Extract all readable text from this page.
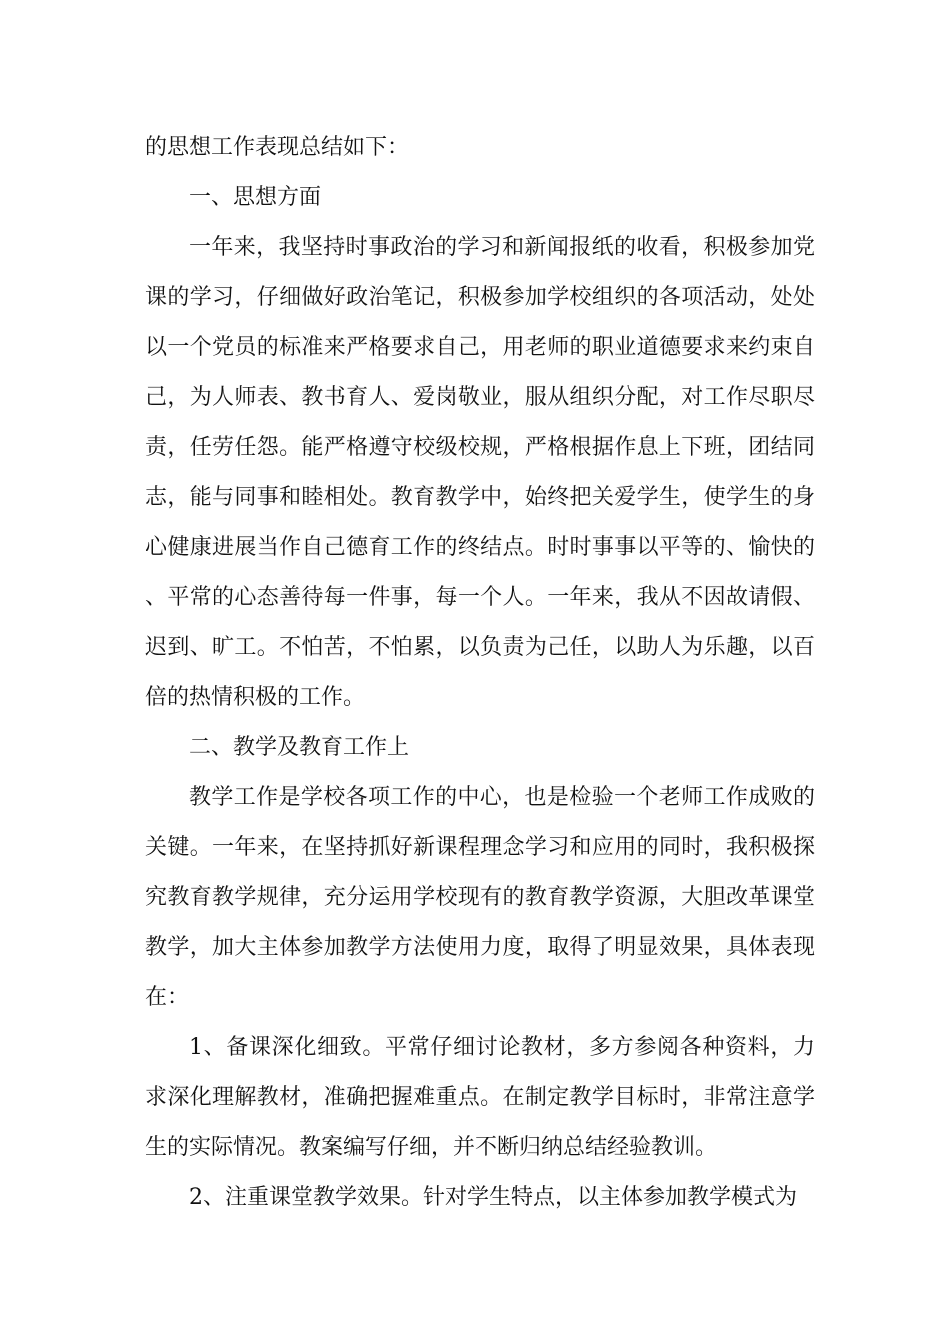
的思想工作表现总结如下：

一、思想方面

一年来，我坚持时事政治的学习和新闻报纸的收看，积极参加党课的学习，仔细做好政治笔记，积极参加学校组织的各项活动，处处以一个党员的标准来严格要求自己，用老师的职业道德要求来约束自己，为人师表、教书育人、爱岗敬业，服从组织分配，对工作尽职尽责，任劳任怨。能严格遵守校级校规，严格根据作息上下班，团结同志，能与同事和睦相处。教育教学中，始终把关爱学生，使学生的身心健康进展当作自己德育工作的终结点。时时事事以平等的、愉快的、平常的心态善待每一件事，每一个人。一年来，我从不因故请假、迟到、旷工。不怕苦，不怕累，以负责为己任，以助人为乐趣，以百倍的热情积极的工作。

二、教学及教育工作上

教学工作是学校各项工作的中心，也是检验一个老师工作成败的关键。一年来，在坚持抓好新课程理念学习和应用的同时，我积极探究教育教学规律，充分运用学校现有的教育教学资源，大胆改革课堂教学，加大主体参加教学方法使用力度，取得了明显效果，具体表现在：

1、备课深化细致。平常仔细讨论教材，多方参阅各种资料，力求深化理解教材，准确把握难重点。在制定教学目标时，非常注意学生的实际情况。教案编写仔细，并不断归纳总结经验教训。

2、注重课堂教学效果。针对学生特点，以主体参加教学模式为
